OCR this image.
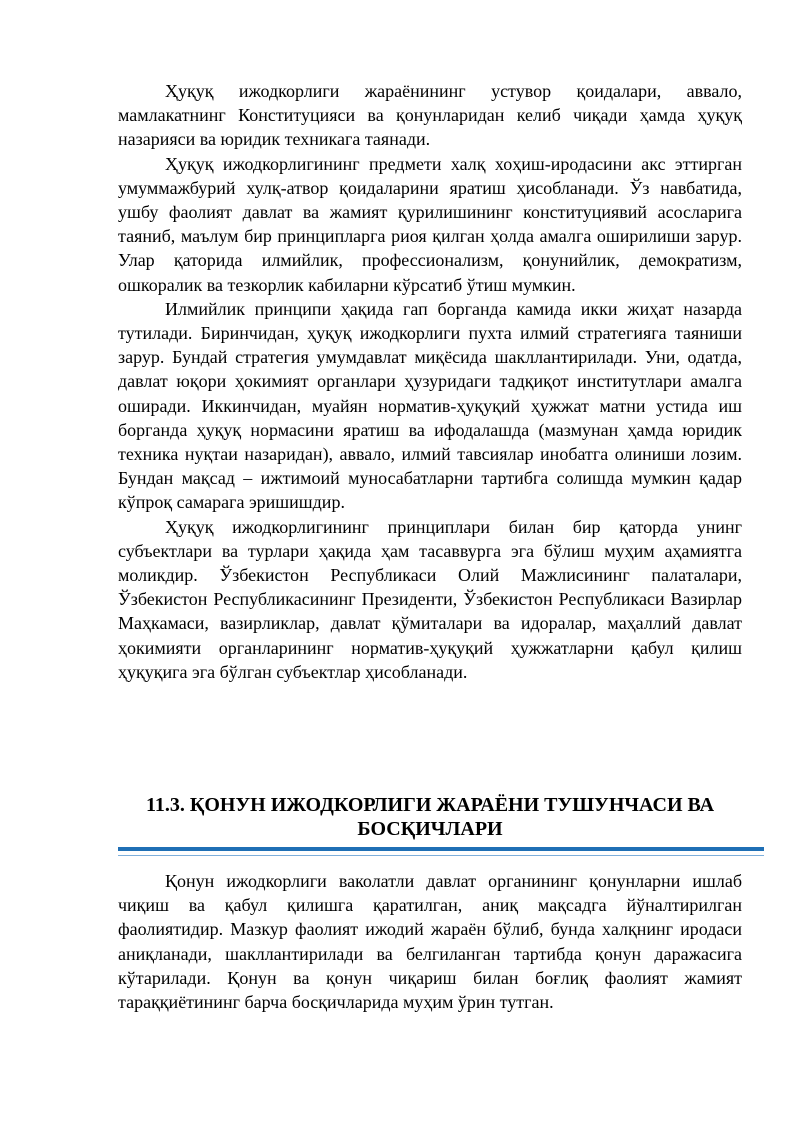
Ҳуқуқ ижодкорлиги жараёнининг устувор қоидалари, аввало, мамлакатнинг Конституцияси ва қонунларидан келиб чиқади ҳамда ҳуқуқ назарияси ва юридик техникага таянади.

Ҳуқуқ ижодкорлигининг предмети халқ хоҳиш-иродасини акс эттирган умуммажбурий хулқ-атвор қоидаларини яратиш ҳисобланади. Ўз навбатида, ушбу фаолият давлат ва жамият қурилишининг конституциявий асосларига таяниб, маълум бир принципларга риоя қилган ҳолда амалга оширилиши зарур. Улар қаторида илмийлик, профессионализм, қонунийлик, демократизм, ошкоралик ва тезкорлик кабиларни кўрсатиб ўтиш мумкин.

Илмийлик принципи ҳақида гап борганда камида икки жиҳат назарда тутилади. Биринчидан, ҳуқуқ ижодкорлиги пухта илмий стратегияга таяниши зарур. Бундай стратегия умумдавлат миқёсида шакллантирилади. Уни, одатда, давлат юқори ҳокимият органлари ҳузуридаги тадқиқот институтлари амалга оширади. Иккинчидан, муайян норматив-ҳуқуқий ҳужжат матни устида иш борганда ҳуқуқ нормасини яратиш ва ифодалашда (мазмунан ҳамда юридик техника нуқтаи назаридан), аввало, илмий тавсиялар инобатга олиниши лозим. Бундан мақсад – ижтимоий муносабатларни тартибга солишда мумкин қадар кўпроқ самарага эришишдир.

Ҳуқуқ ижодкорлигининг принциплари билан бир қаторда унинг субъектлари ва турлари ҳақида ҳам тасаввурга эга бўлиш муҳим аҳамиятга моликдир. Ўзбекистон Республикаси Олий Мажлисининг палаталари, Ўзбекистон Республикасининг Президенти, Ўзбекистон Республикаси Вазирлар Маҳкамаси, вазирликлар, давлат қўмиталари ва идоралар, маҳаллий давлат ҳокимияти органларининг норматив-ҳуқуқий ҳужжатларни қабул қилиш ҳуқуқига эга бўлган субъектлар ҳисобланади.

11.3. ҚОНУН ИЖОДКОРЛИГИ ЖАРАЁНИ ТУШУНЧАСИ ВА
БОСҚИЧЛАРИ

Қонун ижодкорлиги ваколатли давлат органининг қонунларни ишлаб чиқиш ва қабул қилишга қаратилган, аниқ мақсадга йўналтирилган фаолиятидир. Мазкур фаолият ижодий жараён бўлиб, бунда халқнинг иродаси аниқланади, шакллантирилади ва белгиланган тартибда қонун даражасига кўтарилади. Қонун ва қонун чиқариш билан боғлиқ фаолият жамият тараққиётининг барча босқичларида муҳим ўрин тутган.
